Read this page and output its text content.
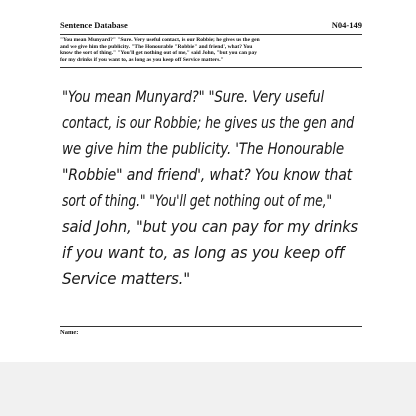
Sentence Database	N04-149
"You mean Munyard?" "Sure. Very useful contact, is our Robbie; he gives us the gen
and we give him the publicity. "The Honourable "Robbie" and friend', what? You
know the sort of thing." "You'll get nothing out of me," said John, "but you can pay
for my drinks if you want to, as long as you keep off Service matters."
"You mean Munyard?" "Sure. Very useful
contact, is our Robbie; he gives us the gen and
we give him the publicity. 'The Honourable
"Robbie" and friend', what? You know that
sort of thing." "You'll get nothing out of me,"
said John, "but you can pay for my drinks
if you want to, as long as you keep off
Service matters."
Name:
